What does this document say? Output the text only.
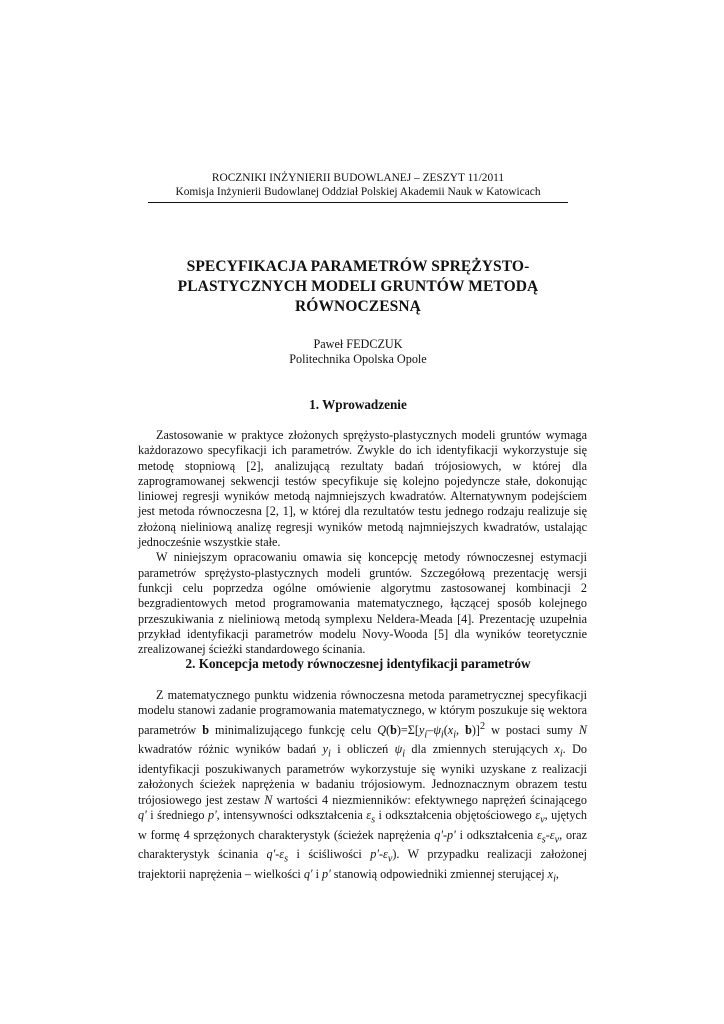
ROCZNIKI INŻYNIERII BUDOWLANEJ – ZESZYT 11/2011
Komisja Inżynierii Budowlanej Oddział Polskiej Akademii Nauk w Katowicach
SPECYFIKACJA PARAMETRÓW SPRĘŻYSTO-
PLASTYCZNYCH MODELI GRUNTÓW METODĄ
RÓWNOCZESNĄ
Paweł FEDCZUK
Politechnika Opolska Opole
1. Wprowadzenie

Zastosowanie w praktyce złożonych sprężysto-plastycznych modeli gruntów wymaga każdorazowo specyfikacji ich parametrów. Zwykle do ich identyfikacji wykorzystuje się metodę stopniową [2], analizującą rezultaty badań trójosiowych, w której dla zaprogramowanej sekwencji testów specyfikuje się kolejno pojedyncze stałe, dokonując liniowej regresji wyników metodą najmniejszych kwadratów. Alternatywnym podejściem jest metoda równoczesna [2, 1], w której dla rezultatów testu jednego rodzaju realizuje się złożoną nieliniową analizę regresji wyników metodą najmniejszych kwadratów, ustalając jednocześnie wszystkie stałe.

W niniejszym opracowaniu omawia się koncepcję metody równoczesnej estymacji parametrów sprężysto-plastycznych modeli gruntów. Szczegółową prezentację wersji funkcji celu poprzedza ogólne omówienie algorytmu zastosowanej kombinacji 2 bezgradientowych metod programowania matematycznego, łączącej sposób kolejnego przeszukiwania z nieliniową metodą symplexu Neldera-Meada [4]. Prezentację uzupełnia przykład identyfikacji parametrów modelu Novy-Wooda [5] dla wyników teoretycznie zrealizowanej ścieżki standardowego ścinania.

2. Koncepcja metody równoczesnej identyfikacji parametrów

Z matematycznego punktu widzenia równoczesna metoda parametrycznej specyfikacji modelu stanowi zadanie programowania matematycznego, w którym poszukuje się wektora parametrów b minimalizującego funkcję celu $Q(b)=\Sigma[y_i-\psi_i(x_i$, b)]$^2$ w postaci sumy N kwadratów różnic wyników badań $y_i$ i obliczeń $\psi_i$ dla zmiennych sterujących $x_i$. Do identyfikacji poszukiwanych parametrów wykorzystuje się wyniki uzyskane z realizacji założonych ścieżek naprężenia w badaniu trójosiowym. Jednoznacznym obrazem testu trójosiowego jest zestaw N wartości 4 niezmienników: efektywnego naprężeń ścinającego q' i średniego p', intensywności odkształcenia $\varepsilon_s$ i odkształcenia objętościowego $\varepsilon_v$, ujętych w formę 4 sprzężonych charakterystyk (ścieżek naprężenia q'-p' i odkształcenia $\varepsilon_s-\varepsilon_v$, oraz charakterystyk ścinania $q'-\varepsilon_s$ i ściśliwości $p'-\varepsilon_v$). W przypadku realizacji założonej trajektorii naprężenia – wielkości q' i p' stanowią odpowiedniki zmiennej sterującej $x_i$,
